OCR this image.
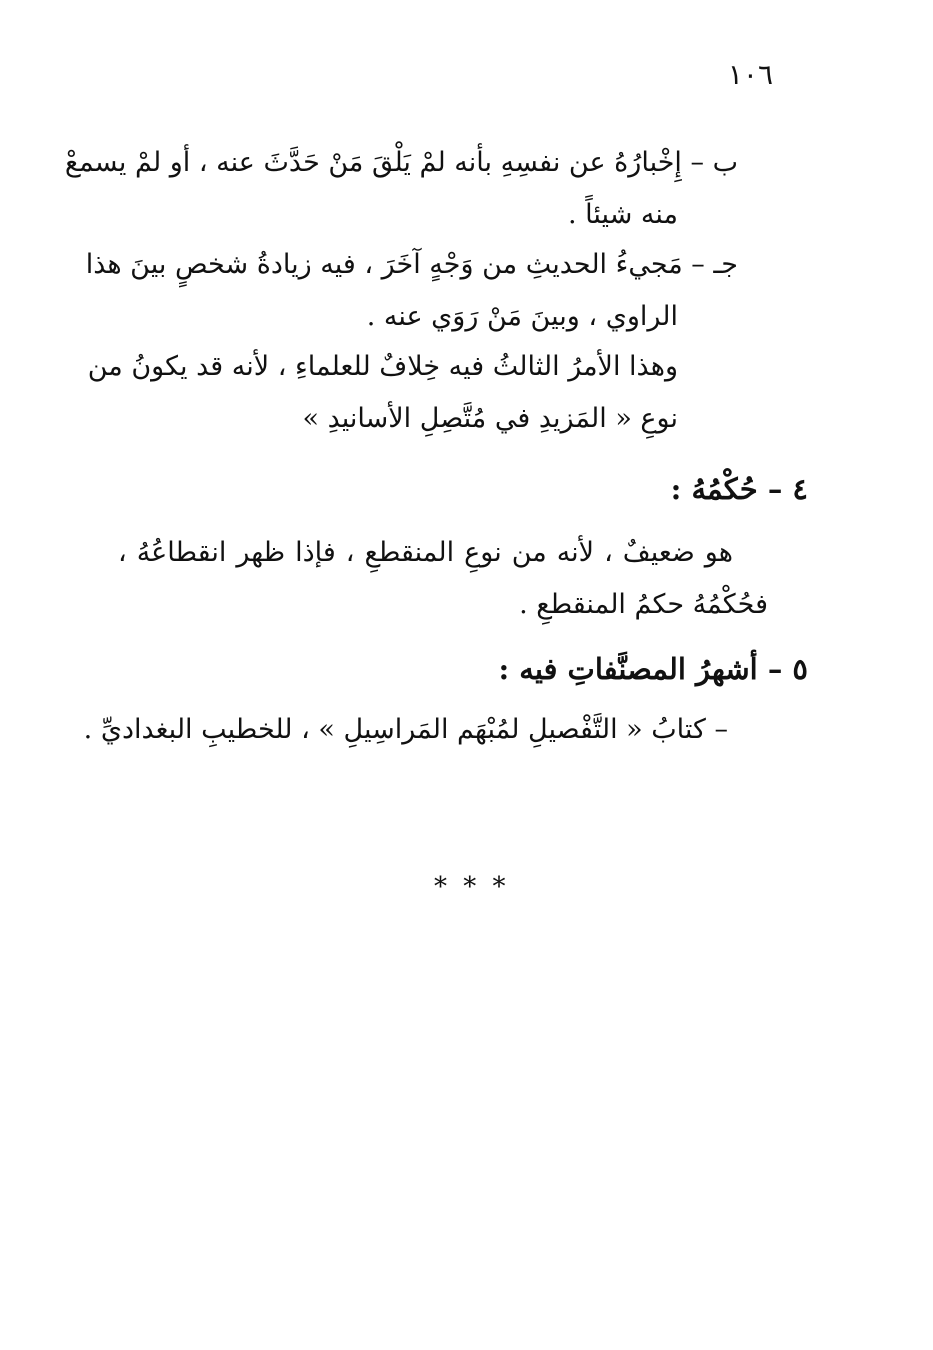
١٠٦
ب – إِخْبارُهُ عن نفسِهِ بأنه لمْ يَلْقَ مَنْ حَدَّثَ عنه ، أو لمْ يسمعْ
منه شيئاً .
جـ – مَجيءُ الحديثِ من وَجْهٍ آخَرَ ، فيه زيادةُ شخصٍ بينَ هذا
الراوي ، وبينَ مَنْ رَوَي عنه .
وهذا الأمرُ الثالثُ فيه خِلافٌ للعلماءِ ، لأنه قد يكونُ من
نوعِ « المَزيدِ في مُتَّصِلِ الأسانيدِ »
٤ – حُكْمُهُ :
هو ضعيفٌ ، لأنه من نوعِ المنقطعِ ، فإذا ظهر انقطاعُهُ ،
فحُكْمُهُ حكمُ المنقطعِ .
٥ – أشهرُ المصنَّفاتِ فيه :
– كتابُ « التَّفْصيلِ لمُبْهَم المَراسِيلِ » ، للخطيبِ البغداديِّ .
* * *
